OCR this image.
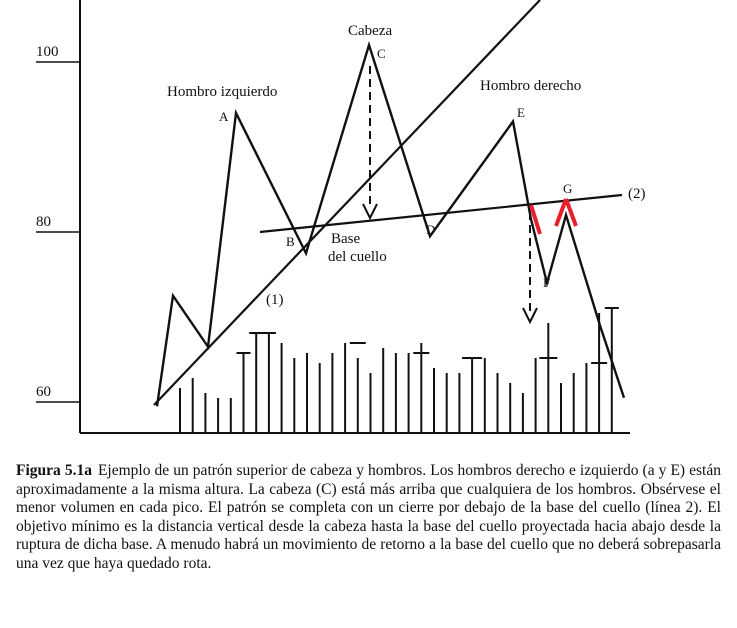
100
80
60
A
B
C
D
E
F
G
Hombro izquierdo
Cabeza
Hombro derecho
Base
del cuello
(1)
(2)
Figura 5.1a Ejemplo de un patrón superior de cabeza y hombros. Los hombros derecho e izquierdo (a y E) están aproximadamente a la misma altura. La cabeza (C) está más arriba que cualquiera de los hombros. Obsérvese el menor volumen en cada pico. El patrón se completa con un cierre por debajo de la base del cuello (línea 2). El objetivo mínimo es la distancia vertical desde la cabeza hasta la base del cuello proyectada hacia abajo desde la ruptura de dicha base. A menudo habrá un movimiento de retorno a la base del cuello que no deberá sobrepasarla una vez que haya quedado rota.
